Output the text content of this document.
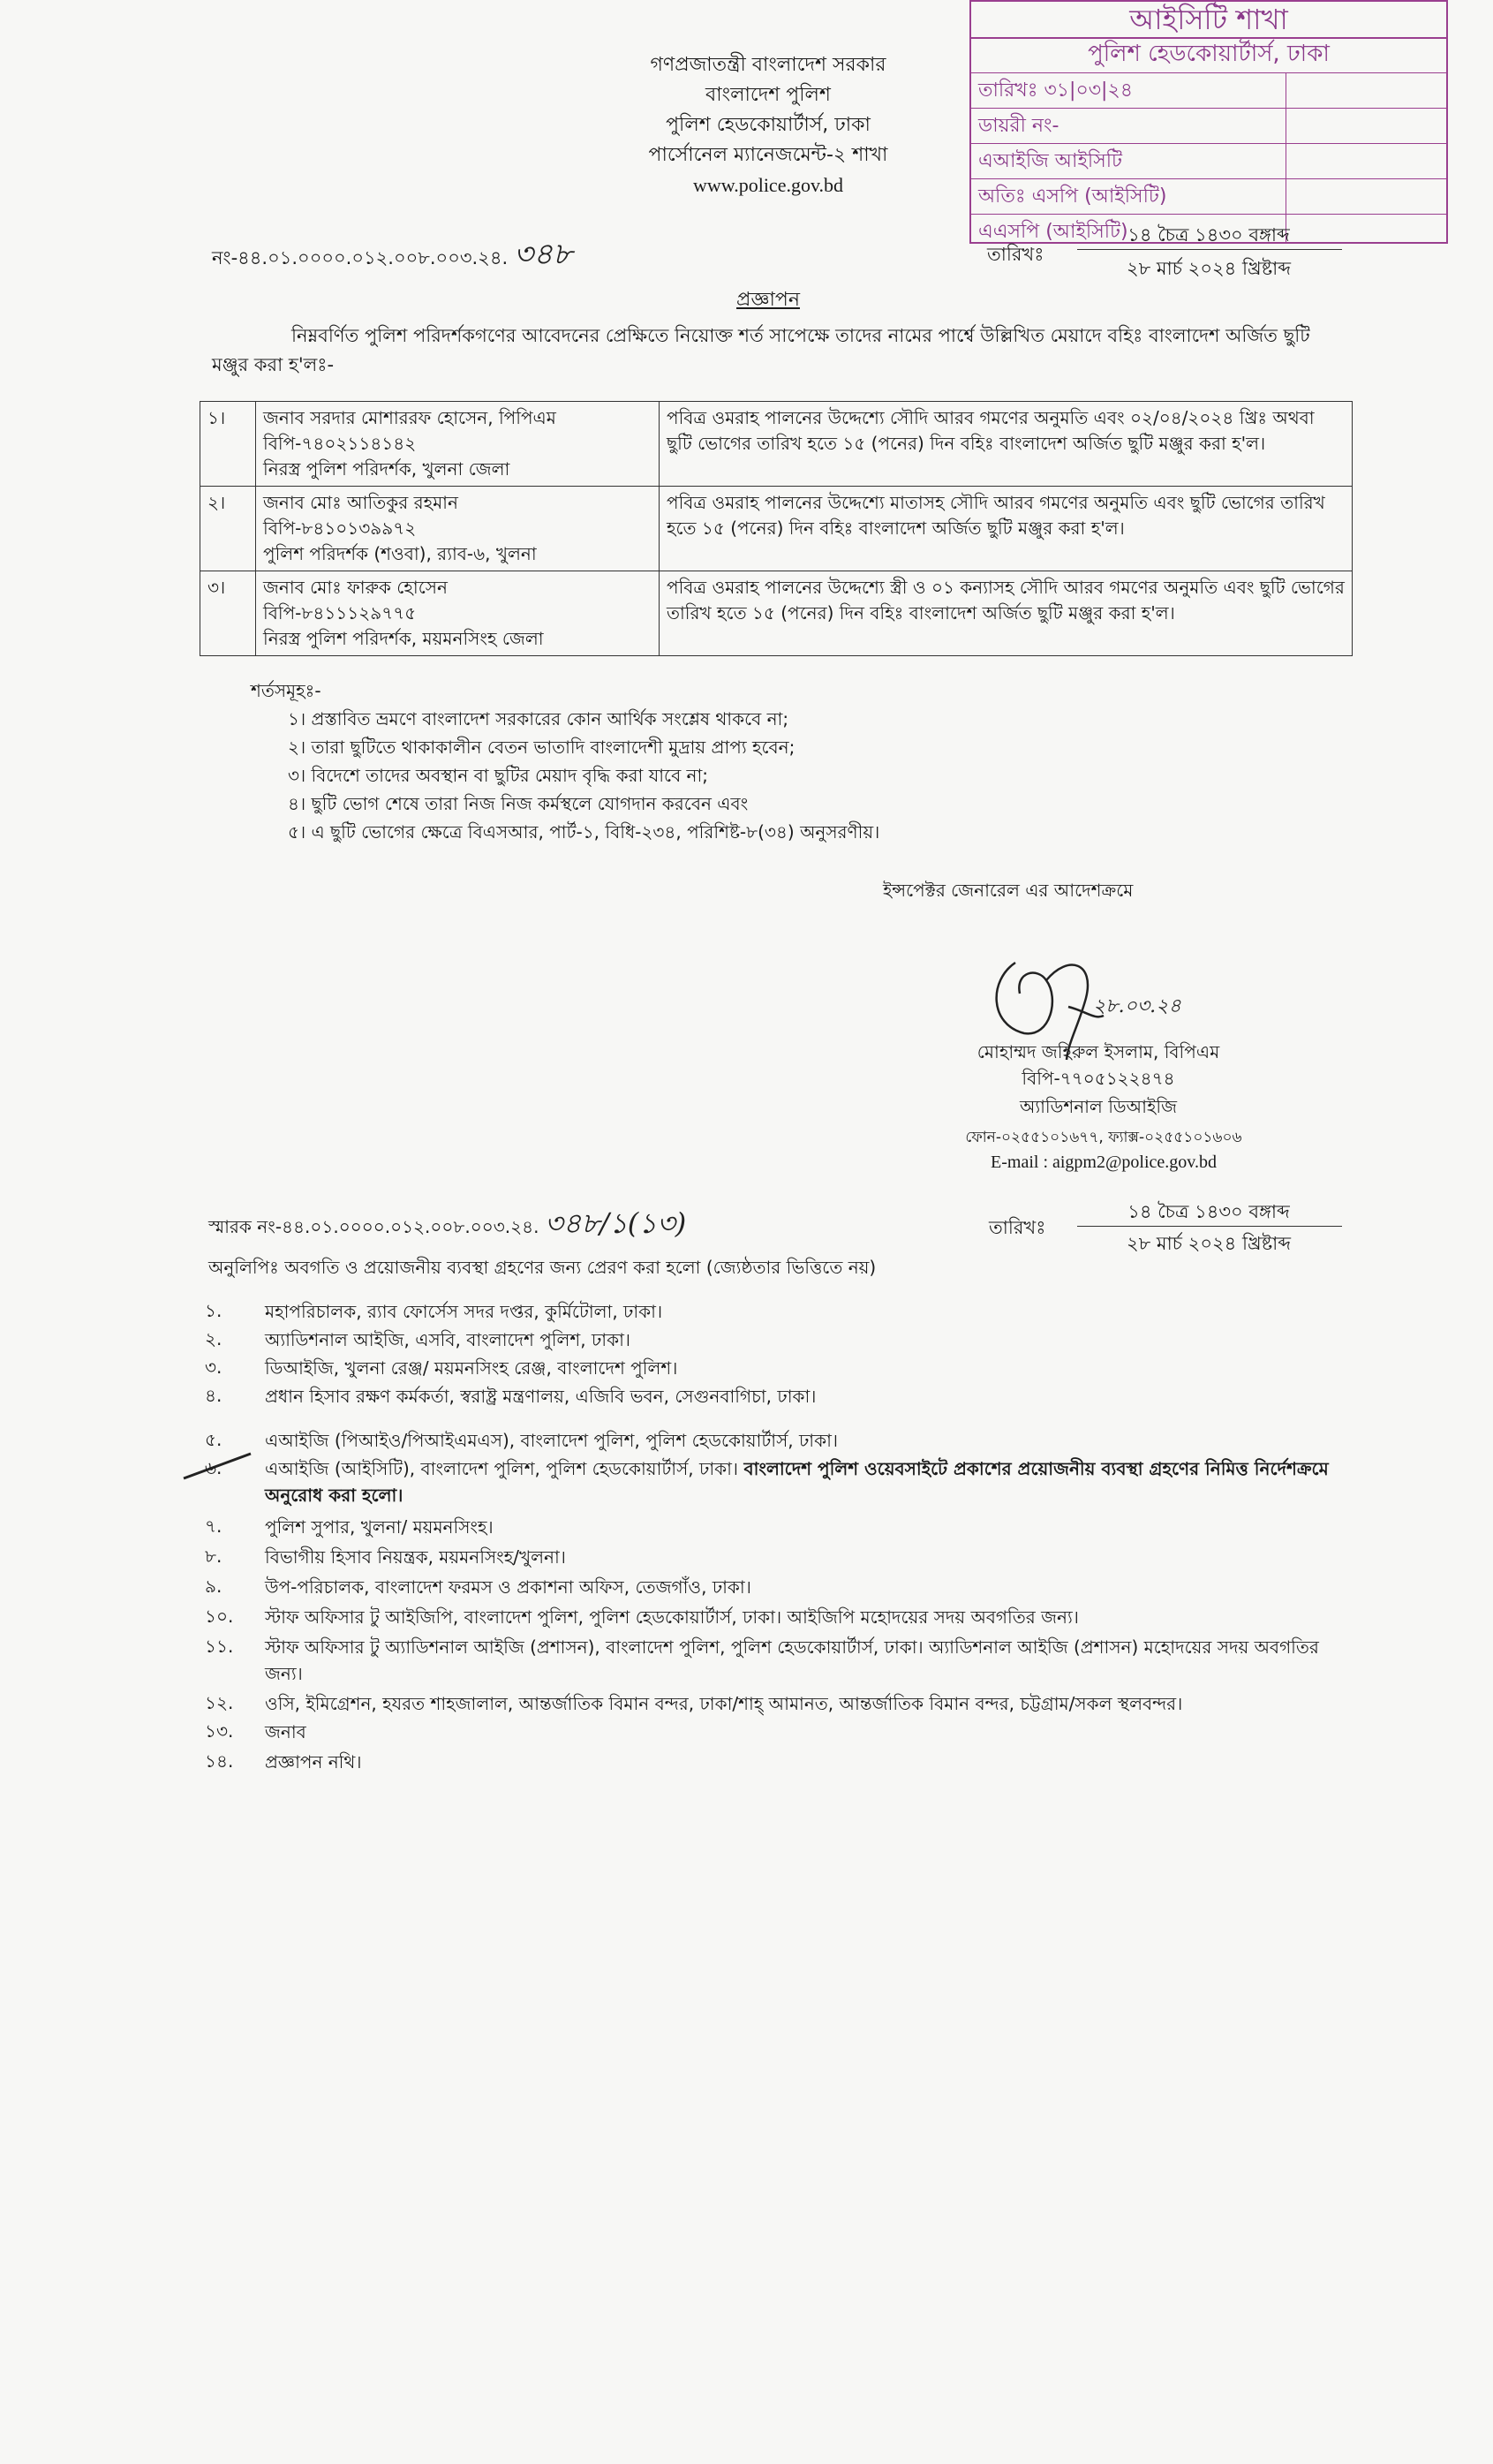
গণপ্রজাতন্ত্রী বাংলাদেশ সরকার
বাংলাদেশ পুলিশ
পুলিশ হেডকোয়ার্টার্স, ঢাকা
পার্সোনেল ম্যানেজমেন্ট-২ শাখা
www.police.gov.bd
আইসিটি শাখা
পুলিশ হেডকোয়ার্টার্স, ঢাকা
তারিখঃ ৩১|০৩|২৪
ডায়রী নং-
এআইজি আইসিটি
অতিঃ এসপি (আইসিটি)
এএসপি (আইসিটি)
নং-৪৪.০১.০০০০.০১২.০০৮.০০৩.২৪. ৩৪৮	তারিখঃ
১৪ চৈত্র ১৪৩০ বঙ্গাব্দ
২৮ মার্চ ২০২৪ খ্রিষ্টাব্দ
প্রজ্ঞাপন
নিম্নবর্ণিত পুলিশ পরিদর্শকগণের আবেদনের প্রেক্ষিতে নিয়োক্ত শর্ত সাপেক্ষে তাদের নামের পার্শ্বে উল্লিখিত মেয়াদে বহিঃ বাংলাদেশ অর্জিত ছুটি মঞ্জুর করা হ'লঃ-
১।	জনাব সরদার মোশাররফ হোসেন, পিপিএম
বিপি-৭৪০২১১৪১৪২
নিরস্ত্র পুলিশ পরিদর্শক, খুলনা জেলা	পবিত্র ওমরাহ পালনের উদ্দেশ্যে সৌদি আরব গমণের অনুমতি এবং ০২/০৪/২০২৪ খ্রিঃ অথবা ছুটি ভোগের তারিখ হতে ১৫ (পনের) দিন বহিঃ বাংলাদেশ অর্জিত ছুটি মঞ্জুর করা হ'ল।
২।	জনাব মোঃ আতিকুর রহমান
বিপি-৮৪১০১৩৯৯৭২
পুলিশ পরিদর্শক (শওবা), র‍্যাব-৬, খুলনা	পবিত্র ওমরাহ পালনের উদ্দেশ্যে মাতাসহ সৌদি আরব গমণের অনুমতি এবং ছুটি ভোগের তারিখ হতে ১৫ (পনের) দিন বহিঃ বাংলাদেশ অর্জিত ছুটি মঞ্জুর করা হ'ল।
৩।	জনাব মোঃ ফারুক হোসেন
বিপি-৮৪১১১২৯৭৭৫
নিরস্ত্র পুলিশ পরিদর্শক, ময়মনসিংহ জেলা	পবিত্র ওমরাহ পালনের উদ্দেশ্যে স্ত্রী ও ০১ কন্যাসহ সৌদি আরব গমণের অনুমতি এবং ছুটি ভোগের তারিখ হতে ১৫ (পনের) দিন বহিঃ বাংলাদেশ অর্জিত ছুটি মঞ্জুর করা হ'ল।
শর্তসমূহঃ-
১। প্রস্তাবিত ভ্রমণে বাংলাদেশ সরকারের কোন আর্থিক সংশ্লেষ থাকবে না;
২। তারা ছুটিতে থাকাকালীন বেতন ভাতাদি বাংলাদেশী মুদ্রায় প্রাপ্য হবেন;
৩। বিদেশে তাদের অবস্থান বা ছুটির মেয়াদ বৃদ্ধি করা যাবে না;
৪। ছুটি ভোগ শেষে তারা নিজ নিজ কর্মস্থলে যোগদান করবেন এবং
৫। এ ছুটি ভোগের ক্ষেত্রে বিএসআর, পার্ট-১, বিধি-২৩৪, পরিশিষ্ট-৮(৩৪) অনুসরণীয়।
ইন্সপেক্টর জেনারেল এর আদেশক্রমে
২৮.০৩.২৪
মোহাম্মদ জহিরুল ইসলাম, বিপিএম
বিপি-৭৭০৫১২২৪৭৪
অ্যাডিশনাল ডিআইজি
ফোন-০২৫৫১০১৬৭৭, ফ্যাক্স-০২৫৫১০১৬০৬
E-mail : aigpm2@police.gov.bd
স্মারক নং-৪৪.০১.০০০০.০১২.০০৮.০০৩.২৪. ৩৪৮/১(১৩)	তারিখঃ
১৪ চৈত্র ১৪৩০ বঙ্গাব্দ
২৮ মার্চ ২০২৪ খ্রিষ্টাব্দ
অনুলিপিঃ অবগতি ও প্রয়োজনীয় ব্যবস্থা গ্রহণের জন্য প্রেরণ করা হলো (জ্যেষ্ঠতার ভিত্তিতে নয়)
১.	মহাপরিচালক, র‍্যাব ফোর্সেস সদর দপ্তর, কুর্মিটোলা, ঢাকা।
২.	অ্যাডিশনাল আইজি, এসবি, বাংলাদেশ পুলিশ, ঢাকা।
৩.	ডিআইজি, খুলনা রেঞ্জ/ ময়মনসিংহ রেঞ্জ, বাংলাদেশ পুলিশ।
৪.	প্রধান হিসাব রক্ষণ কর্মকর্তা, স্বরাষ্ট্র মন্ত্রণালয়, এজিবি ভবন, সেগুনবাগিচা, ঢাকা।
৫.	এআইজি (পিআইও/পিআইএমএস), বাংলাদেশ পুলিশ, পুলিশ হেডকোয়ার্টার্স, ঢাকা।
৬.	এআইজি (আইসিটি), বাংলাদেশ পুলিশ, পুলিশ হেডকোয়ার্টার্স, ঢাকা। বাংলাদেশ পুলিশ ওয়েবসাইটে প্রকাশের প্রয়োজনীয় ব্যবস্থা গ্রহণের নিমিত্ত নির্দেশক্রমে অনুরোধ করা হলো।
৭.	পুলিশ সুপার, খুলনা/ ময়মনসিংহ।
৮.	বিভাগীয় হিসাব নিয়ন্ত্রক, ময়মনসিংহ/খুলনা।
৯.	উপ-পরিচালক, বাংলাদেশ ফরমস ও প্রকাশনা অফিস, তেজগাঁও, ঢাকা।
১০.	স্টাফ অফিসার টু আইজিপি, বাংলাদেশ পুলিশ, পুলিশ হেডকোয়ার্টার্স, ঢাকা। আইজিপি মহোদয়ের সদয় অবগতির জন্য।
১১.	স্টাফ অফিসার টু অ্যাডিশনাল আইজি (প্রশাসন), বাংলাদেশ পুলিশ, পুলিশ হেডকোয়ার্টার্স, ঢাকা। অ্যাডিশনাল আইজি (প্রশাসন) মহোদয়ের সদয় অবগতির জন্য।
১২.	ওসি, ইমিগ্রেশন, হযরত শাহজালাল, আন্তর্জাতিক বিমান বন্দর, ঢাকা/শাহ্ আমানত, আন্তর্জাতিক বিমান বন্দর, চট্টগ্রাম/সকল স্থলবন্দর।
১৩.	জনাব
১৪.	প্রজ্ঞাপন নথি।
